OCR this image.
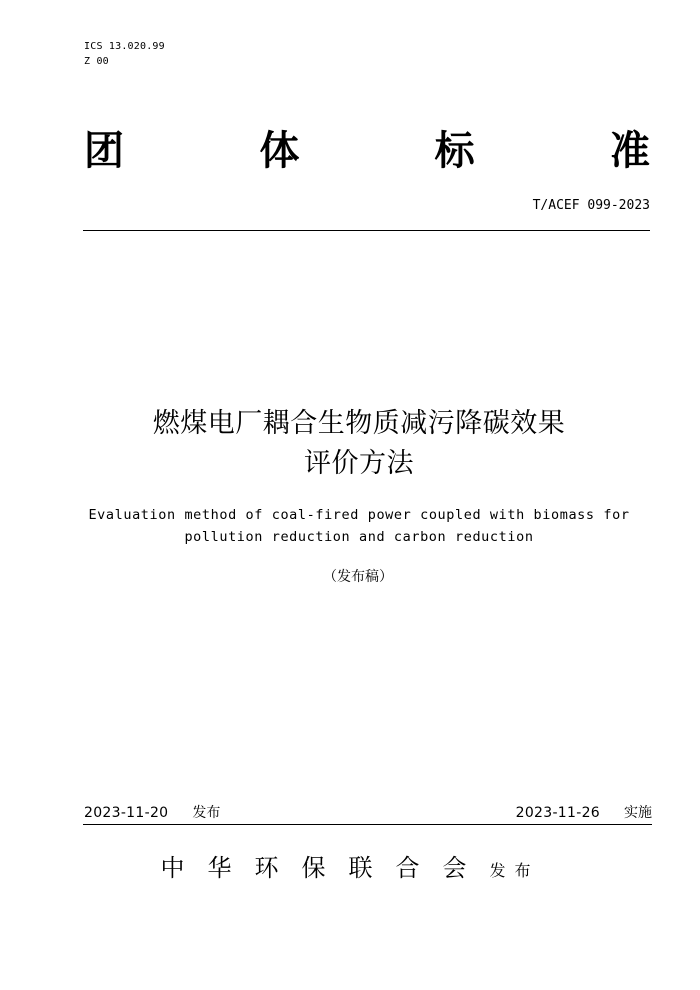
ICS 13.020.99
Z 00
团	体	标	准
T/ACEF 099-2023
燃煤电厂耦合生物质减污降碳效果
评价方法
Evaluation method of coal-fired power coupled with biomass for
pollution reduction and carbon reduction
（发布稿）
2023-11-20 发布	2023-11-26 实施
中华环保联合会发布
